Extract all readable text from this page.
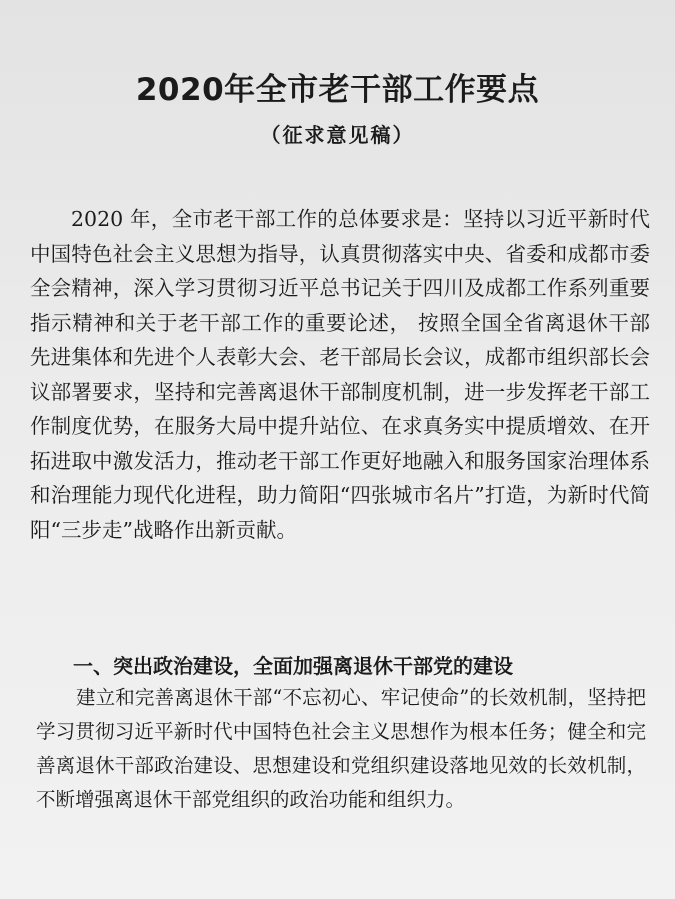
2020年全市老干部工作要点
（征求意见稿）

2020 年，全市老干部工作的总体要求是：坚持以习近平新时代中国特色社会主义思想为指导，认真贯彻落实中央、省委和成都市委全会精神，深入学习贯彻习近平总书记关于四川及成都工作系列重要指示精神和关于老干部工作的重要论述， 按照全国全省离退休干部先进集体和先进个人表彰大会、老干部局长会议，成都市组织部长会议部署要求，坚持和完善离退休干部制度机制，进一步发挥老干部工作制度优势，在服务大局中提升站位、在求真务实中提质增效、在开拓进取中激发活力，推动老干部工作更好地融入和服务国家治理体系和治理能力现代化进程，助力简阳“四张城市名片”打造，为新时代简阳“三步走”战略作出新贡献。

一、突出政治建设，全面加强离退休干部党的建设

建立和完善离退休干部“不忘初心、牢记使命”的长效机制，坚持把学习贯彻习近平新时代中国特色社会主义思想作为根本任务；健全和完善离退休干部政治建设、思想建设和党组织建设落地见效的长效机制，不断增强离退休干部党组织的政治功能和组织力。
